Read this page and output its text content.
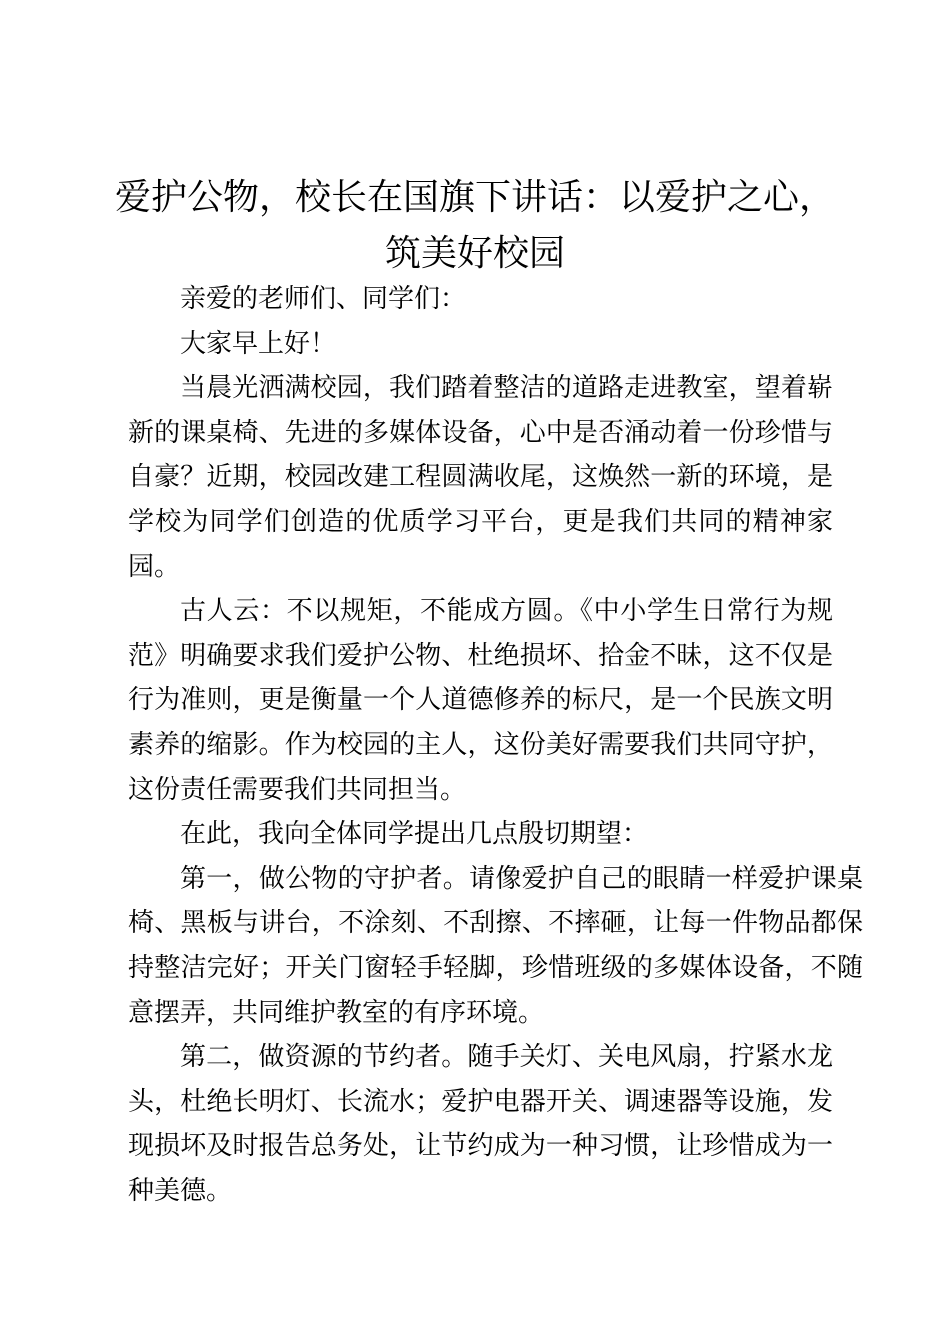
爱护公物，校长在国旗下讲话：以爱护之心，
筑美好校园

亲爱的老师们、同学们：

大家早上好！

当晨光洒满校园，我们踏着整洁的道路走进教室，望着崭新的课桌椅、先进的多媒体设备，心中是否涌动着一份珍惜与自豪？近期，校园改建工程圆满收尾，这焕然一新的环境，是学校为同学们创造的优质学习平台，更是我们共同的精神家园。

古人云：不以规矩，不能成方圆。《中小学生日常行为规范》明确要求我们爱护公物、杜绝损坏、拾金不昧，这不仅是行为准则，更是衡量一个人道德修养的标尺，是一个民族文明素养的缩影。作为校园的主人，这份美好需要我们共同守护，这份责任需要我们共同担当。

在此，我向全体同学提出几点殷切期望：

第一，做公物的守护者。请像爱护自己的眼睛一样爱护课桌椅、黑板与讲台，不涂刻、不刮擦、不摔砸，让每一件物品都保持整洁完好；开关门窗轻手轻脚，珍惜班级的多媒体设备，不随意摆弄，共同维护教室的有序环境。

第二，做资源的节约者。随手关灯、关电风扇，拧紧水龙头，杜绝长明灯、长流水；爱护电器开关、调速器等设施，发现损坏及时报告总务处，让节约成为一种习惯，让珍惜成为一种美德。
